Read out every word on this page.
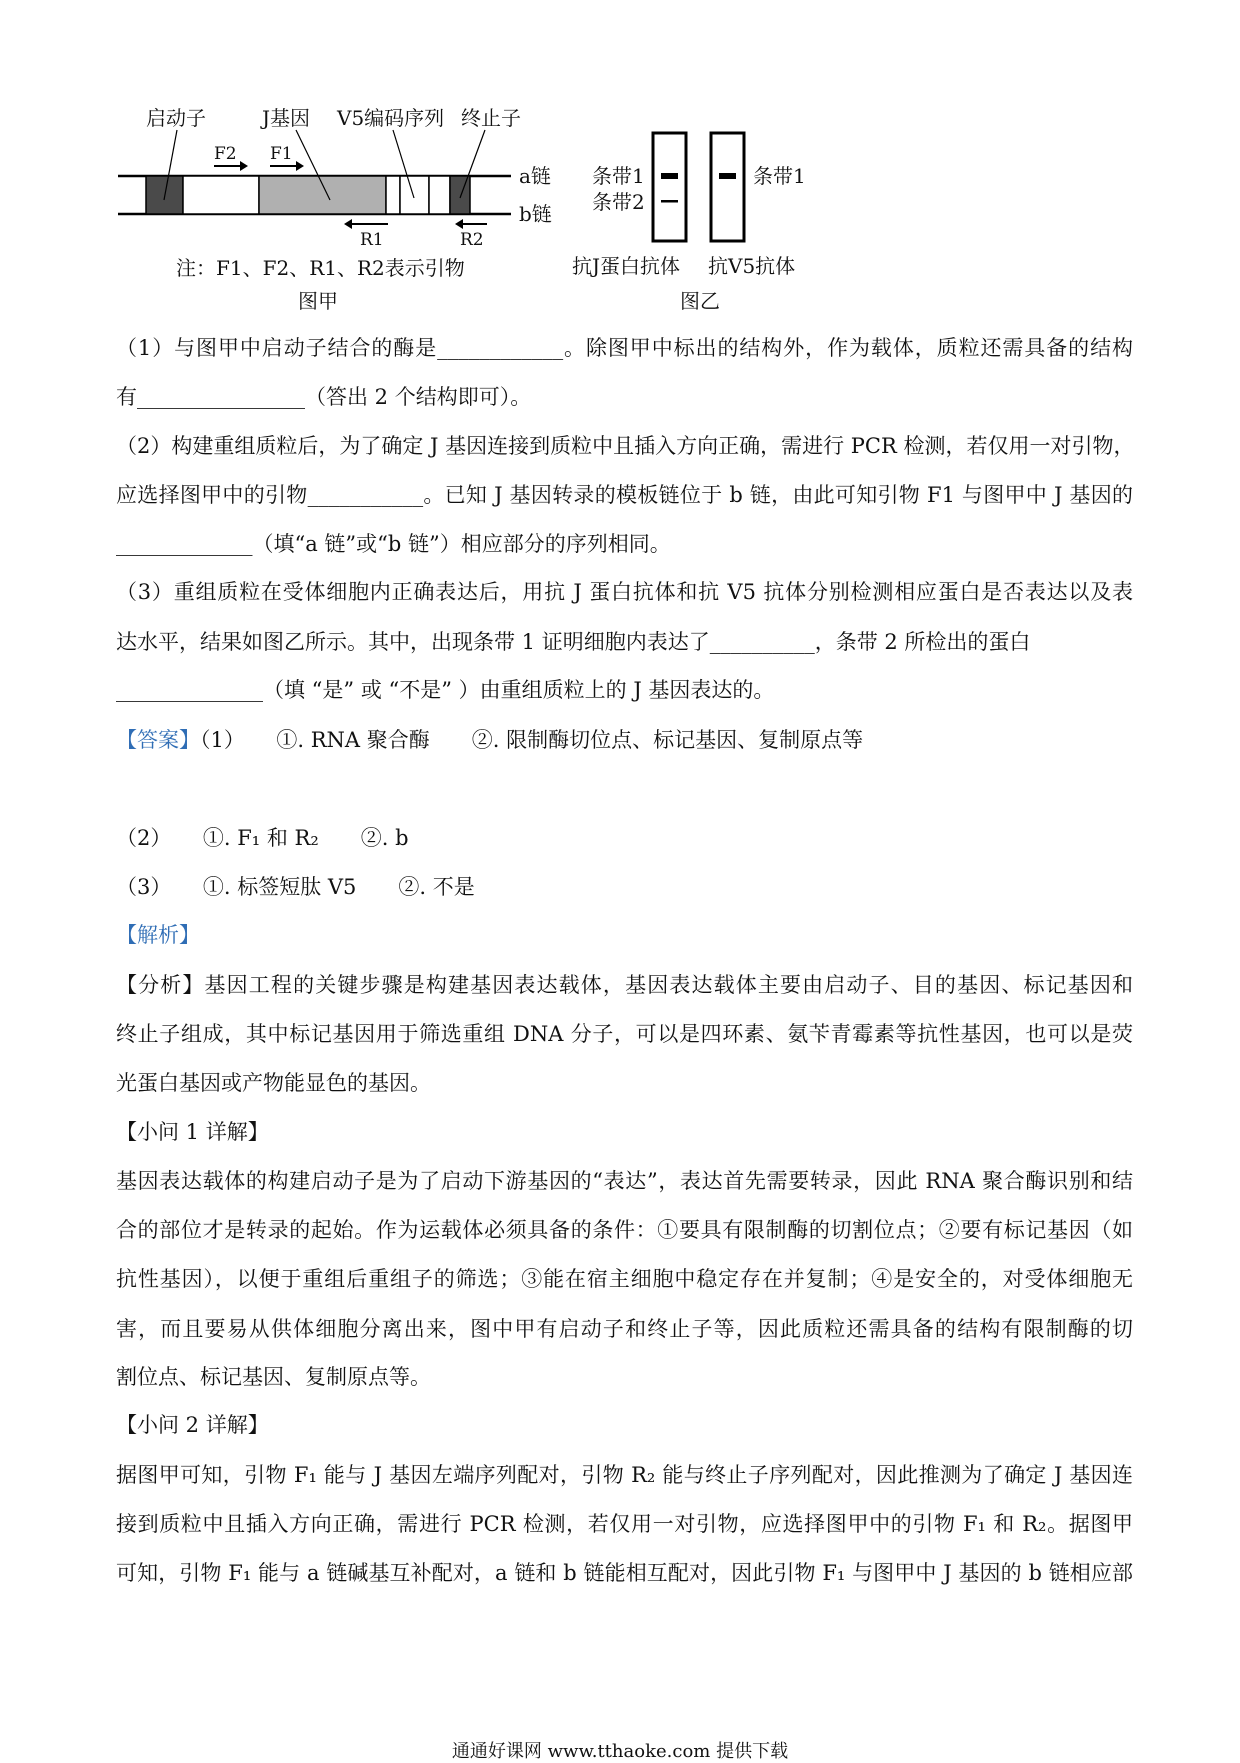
启动子	J基因 V5编码序列 终止子
F2 F1
R1	R2
a链
b链
注：F1、F2、R1、R2表示引物
图甲
条带1
条带2
条带1
抗J蛋白抗体 抗V5抗体
图乙
（1）与图甲中启动子结合的酶是____________。除图甲中标出的结构外，作为载体，质粒还需具备的结构
有________________（答出 2 个结构即可）。
（2）构建重组质粒后，为了确定 J 基因连接到质粒中且插入方向正确，需进行 PCR 检测，若仅用一对引物，
应选择图甲中的引物___________。已知 J 基因转录的模板链位于 b 链，由此可知引物 F1 与图甲中 J 基因的
_____________（填“a 链”或“b 链”）相应部分的序列相同。
（3）重组质粒在受体细胞内正确表达后，用抗 J 蛋白抗体和抗 V5 抗体分别检测相应蛋白是否表达以及表
达水平，结果如图乙所示。其中，出现条带 1 证明细胞内表达了__________，条带 2 所检出的蛋白
______________（填 “是” 或 “不是” ）由重组质粒上的 J 基因表达的。
【答案】（1）　　①. RNA 聚合酶　　②. 限制酶切位点、标记基因、复制原点等
（2）　　①. F₁ 和 R₂　　②. b
（3）　　①. 标签短肽 V5　　②. 不是
【解析】
【分析】基因工程的关键步骤是构建基因表达载体，基因表达载体主要由启动子、目的基因、标记基因和
终止子组成，其中标记基因用于筛选重组 DNA 分子，可以是四环素、氨苄青霉素等抗性基因，也可以是荧
光蛋白基因或产物能显色的基因。
【小问 1 详解】
基因表达载体的构建启动子是为了启动下游基因的“表达”，表达首先需要转录，因此 RNA 聚合酶识别和结
合的部位才是转录的起始。作为运载体必须具备的条件：①要具有限制酶的切割位点；②要有标记基因（如
抗性基因），以便于重组后重组子的筛选；③能在宿主细胞中稳定存在并复制；④是安全的，对受体细胞无
害，而且要易从供体细胞分离出来，图中甲有启动子和终止子等，因此质粒还需具备的结构有限制酶的切
割位点、标记基因、复制原点等。
【小问 2 详解】
据图甲可知，引物 F₁ 能与 J 基因左端序列配对，引物 R₂ 能与终止子序列配对，因此推测为了确定 J 基因连
接到质粒中且插入方向正确，需进行 PCR 检测，若仅用一对引物，应选择图甲中的引物 F₁ 和 R₂。据图甲
可知，引物 F₁ 能与 a 链碱基互补配对，a 链和 b 链能相互配对，因此引物 F₁ 与图甲中 J 基因的 b 链相应部
通通好课网 www.tthaoke.com 提供下载
